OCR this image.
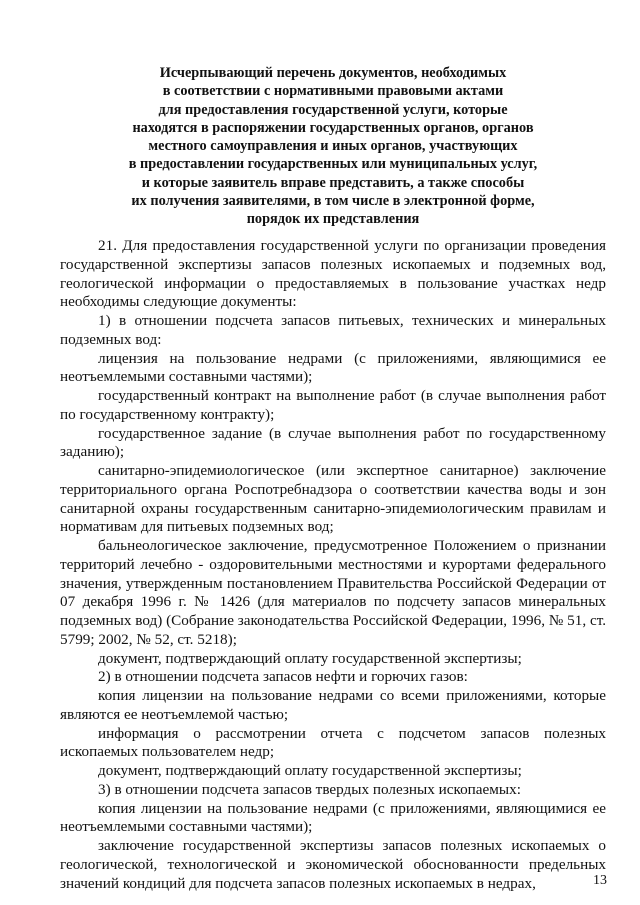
Исчерпывающий перечень документов, необходимых
в соответствии с нормативными правовыми актами
для предоставления государственной услуги, которые
находятся в распоряжении государственных органов, органов
местного самоуправления и иных органов, участвующих
в предоставлении государственных или муниципальных услуг,
и которые заявитель вправе представить, а также способы
их получения заявителями, в том числе в электронной форме,
порядок их представления

21. Для предоставления государственной услуги по организации проведения государственной экспертизы запасов полезных ископаемых и подземных вод, геологической информации о предоставляемых в пользование участках недр необходимы следующие документы:

1) в отношении подсчета запасов питьевых, технических и минеральных подземных вод:

лицензия на пользование недрами (с приложениями, являющимися ее неотъемлемыми составными частями);

государственный контракт на выполнение работ (в случае выполнения работ по государственному контракту);

государственное задание (в случае выполнения работ по государственному заданию);

санитарно-эпидемиологическое (или экспертное санитарное) заключение территориального органа Роспотребнадзора о соответствии качества воды и зон санитарной охраны государственным санитарно-эпидемиологическим правилам и нормативам для питьевых подземных вод;

бальнеологическое заключение, предусмотренное Положением о признании территорий лечебно - оздоровительными местностями и курортами федерального значения, утвержденным постановлением Правительства Российской Федерации от 07 декабря 1996 г. № 1426 (для материалов по подсчету запасов минеральных подземных вод) (Собрание законодательства Российской Федерации, 1996, № 51, ст. 5799; 2002, № 52, ст. 5218);

документ, подтверждающий оплату государственной экспертизы;

2) в отношении подсчета запасов нефти и горючих газов:

копия лицензии на пользование недрами со всеми приложениями, которые являются ее неотъемлемой частью;

информация о рассмотрении отчета с подсчетом запасов полезных ископаемых пользователем недр;

документ, подтверждающий оплату государственной экспертизы;

3) в отношении подсчета запасов твердых полезных ископаемых:

копия лицензии на пользование недрами (с приложениями, являющимися ее неотъемлемыми составными частями);

заключение государственной экспертизы запасов полезных ископаемых о геологической, технологической и экономической обоснованности предельных значений кондиций для подсчета запасов полезных ископаемых в недрах,	13
